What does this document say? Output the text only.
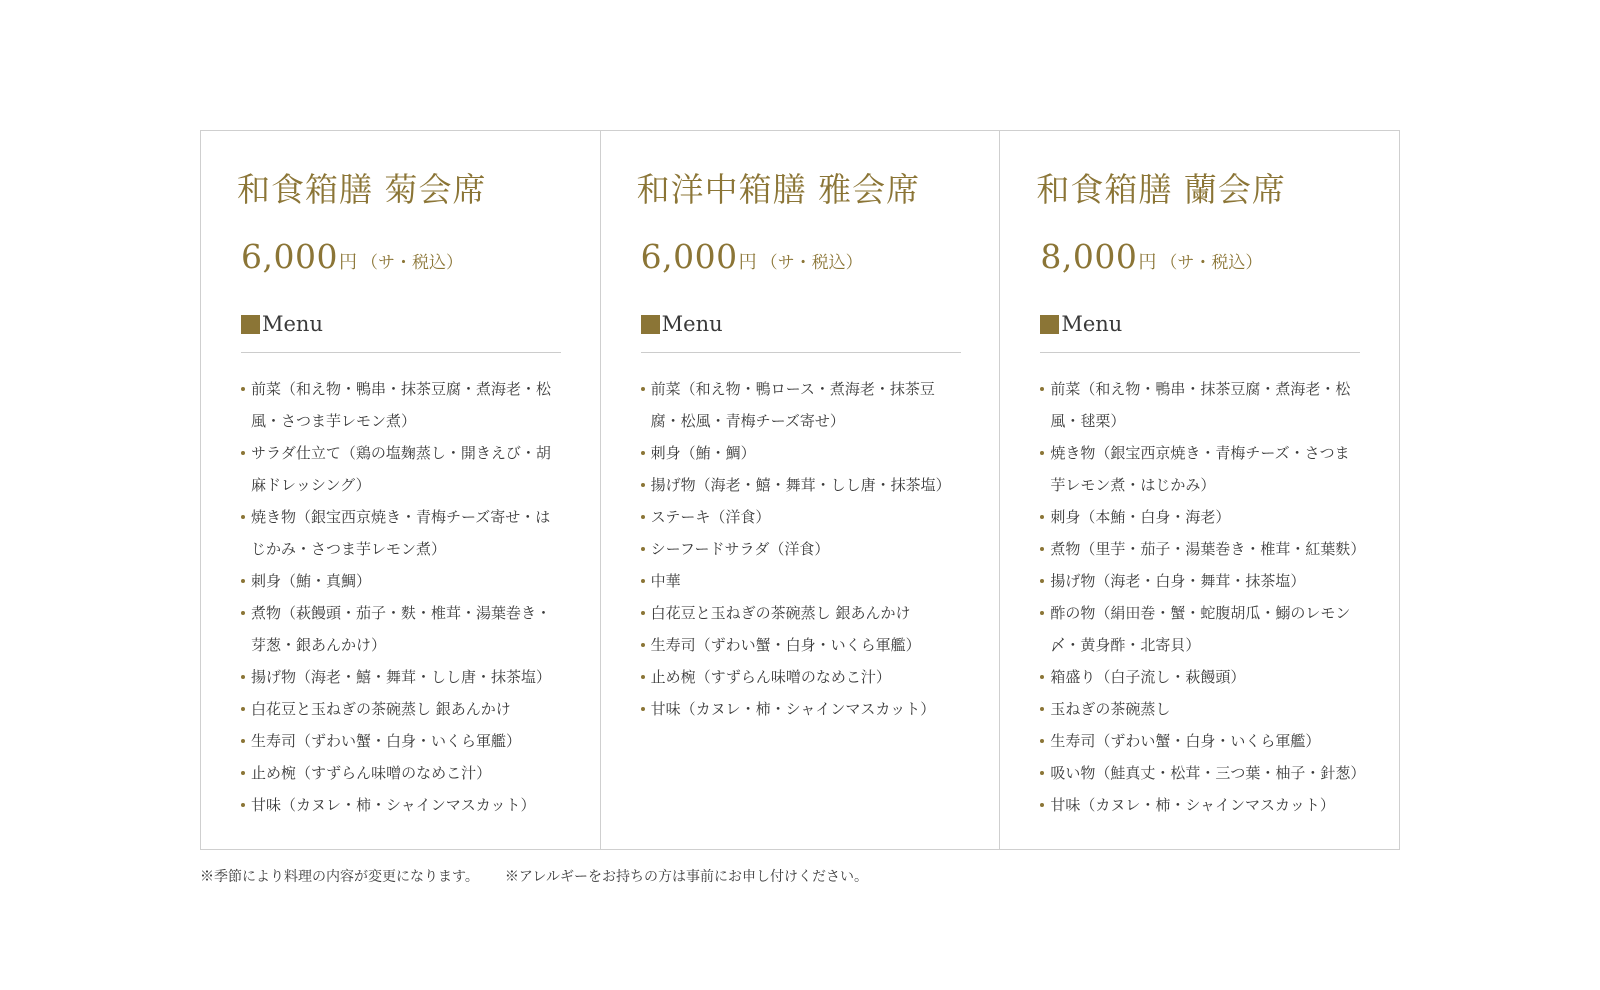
和食箱膳 菊会席
6,000 円 （サ・税込）
Menu
前菜（和え物・鴨串・抹茶豆腐・煮海老・松風・さつま芋レモン煮）
サラダ仕立て（鶏の塩麹蒸し・開きえび・胡麻ドレッシング）
焼き物（銀宝西京焼き・青梅チーズ寄せ・はじかみ・さつま芋レモン煮）
刺身（鮪・真鯛）
煮物（萩饅頭・茄子・麩・椎茸・湯葉巻き・芽葱・銀あんかけ）
揚げ物（海老・鱚・舞茸・しし唐・抹茶塩）
白花豆と玉ねぎの茶碗蒸し 銀あんかけ
生寿司（ずわい蟹・白身・いくら軍艦）
止め椀（すずらん味噌のなめこ汁）
甘味（カヌレ・柿・シャインマスカット）
和洋中箱膳 雅会席
6,000 円 （サ・税込）
Menu
前菜（和え物・鴨ロース・煮海老・抹茶豆腐・松風・青梅チーズ寄せ）
刺身（鮪・鯛）
揚げ物（海老・鱚・舞茸・しし唐・抹茶塩）
ステーキ（洋食）
シーフードサラダ（洋食）
中華
白花豆と玉ねぎの茶碗蒸し 銀あんかけ
生寿司（ずわい蟹・白身・いくら軍艦）
止め椀（すずらん味噌のなめこ汁）
甘味（カヌレ・柿・シャインマスカット）
和食箱膳 蘭会席
8,000 円 （サ・税込）
Menu
前菜（和え物・鴨串・抹茶豆腐・煮海老・松風・毬栗）
焼き物（銀宝西京焼き・青梅チーズ・さつま芋レモン煮・はじかみ）
刺身（本鮪・白身・海老）
煮物（里芋・茄子・湯葉巻き・椎茸・紅葉麩）
揚げ物（海老・白身・舞茸・抹茶塩）
酢の物（絹田巻・蟹・蛇腹胡瓜・鰯のレモン〆・黄身酢・北寄貝）
箱盛り（白子流し・萩饅頭）
玉ねぎの茶碗蒸し
生寿司（ずわい蟹・白身・いくら軍艦）
吸い物（鮭真丈・松茸・三つ葉・柚子・針葱）
甘味（カヌレ・柿・シャインマスカット）
※季節により料理の内容が変更になります。 ※アレルギーをお持ちの方は事前にお申し付けください。
